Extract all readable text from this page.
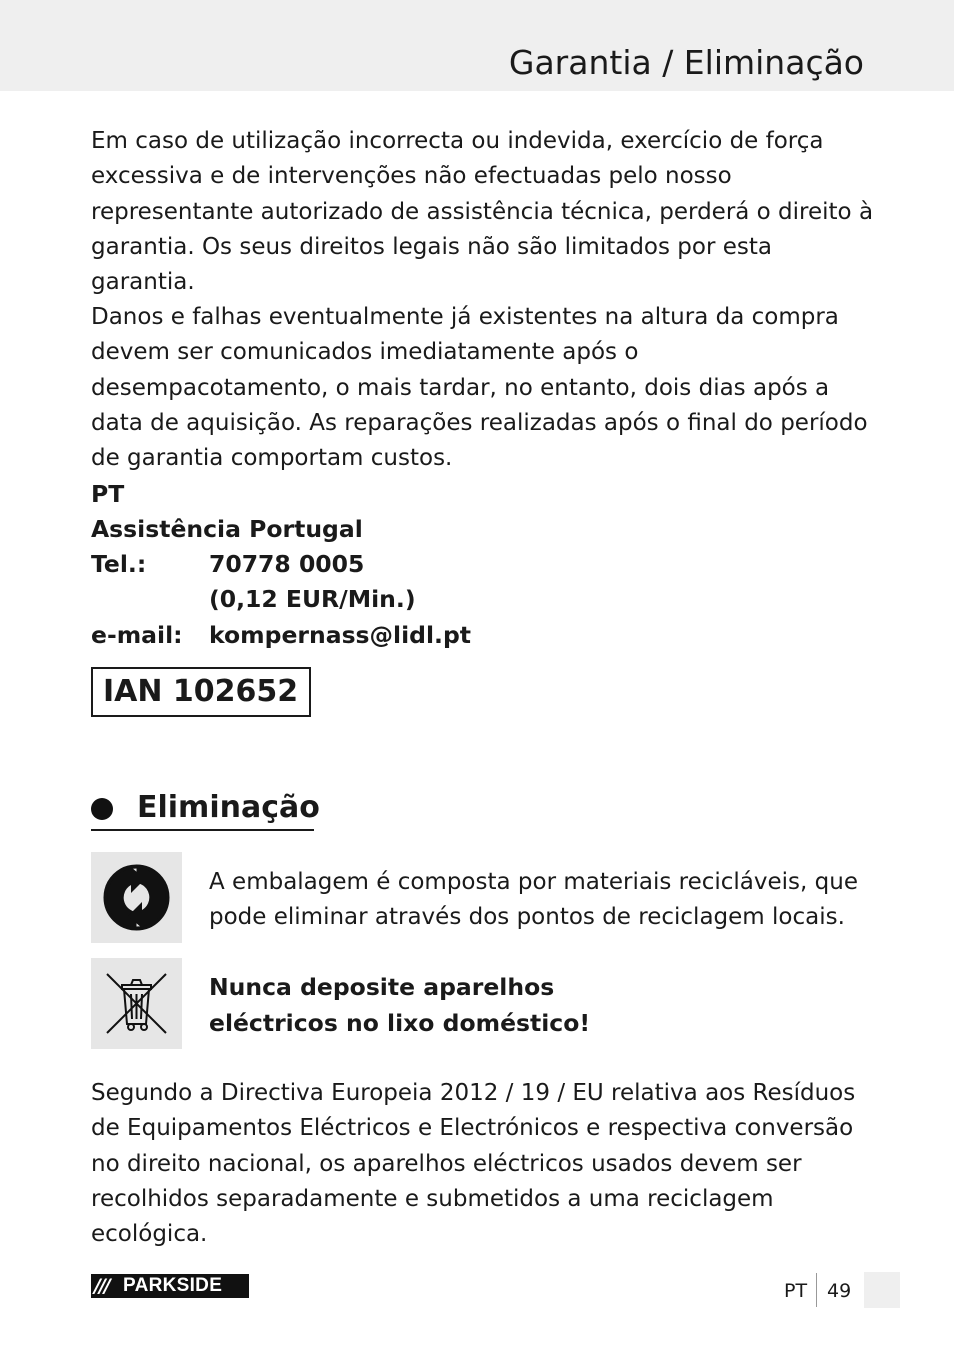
Garantia / Eliminação

Em caso de utilização incorrecta ou indevida, exercício de força excessiva e de intervenções não efectuadas pelo nosso representante autorizado de assistência técnica, perderá o direito à garantia. Os seus direitos legais não são limitados por esta garantia.

Danos e falhas eventualmente já existentes na altura da compra devem ser comunicados imediatamente após o desempacotamento, o mais tardar, no entanto, dois dias após a data de aquisição. As reparações realizadas após o final do período de garantia comportam custos.

PT
Assistência Portugal
Tel.:	70778 0005
(0,12 EUR/Min.)
e-mail: kompernass@lidl.pt
IAN 102652
Eliminação

A embalagem é composta por materiais recicláveis, que pode eliminar através dos pontos de reciclagem locais.

Nunca deposite aparelhos eléctricos no lixo doméstico!

Segundo a Directiva Europeia 2012 / 19 / EU relativa aos Resíduos de Equipamentos Eléctricos e Electrónicos e respectiva conversão no direito nacional, os aparelhos eléctricos usados devem ser recolhidos separadamente e submetidos a uma reciclagem ecológica.

/// PARKSIDE	PT 49
